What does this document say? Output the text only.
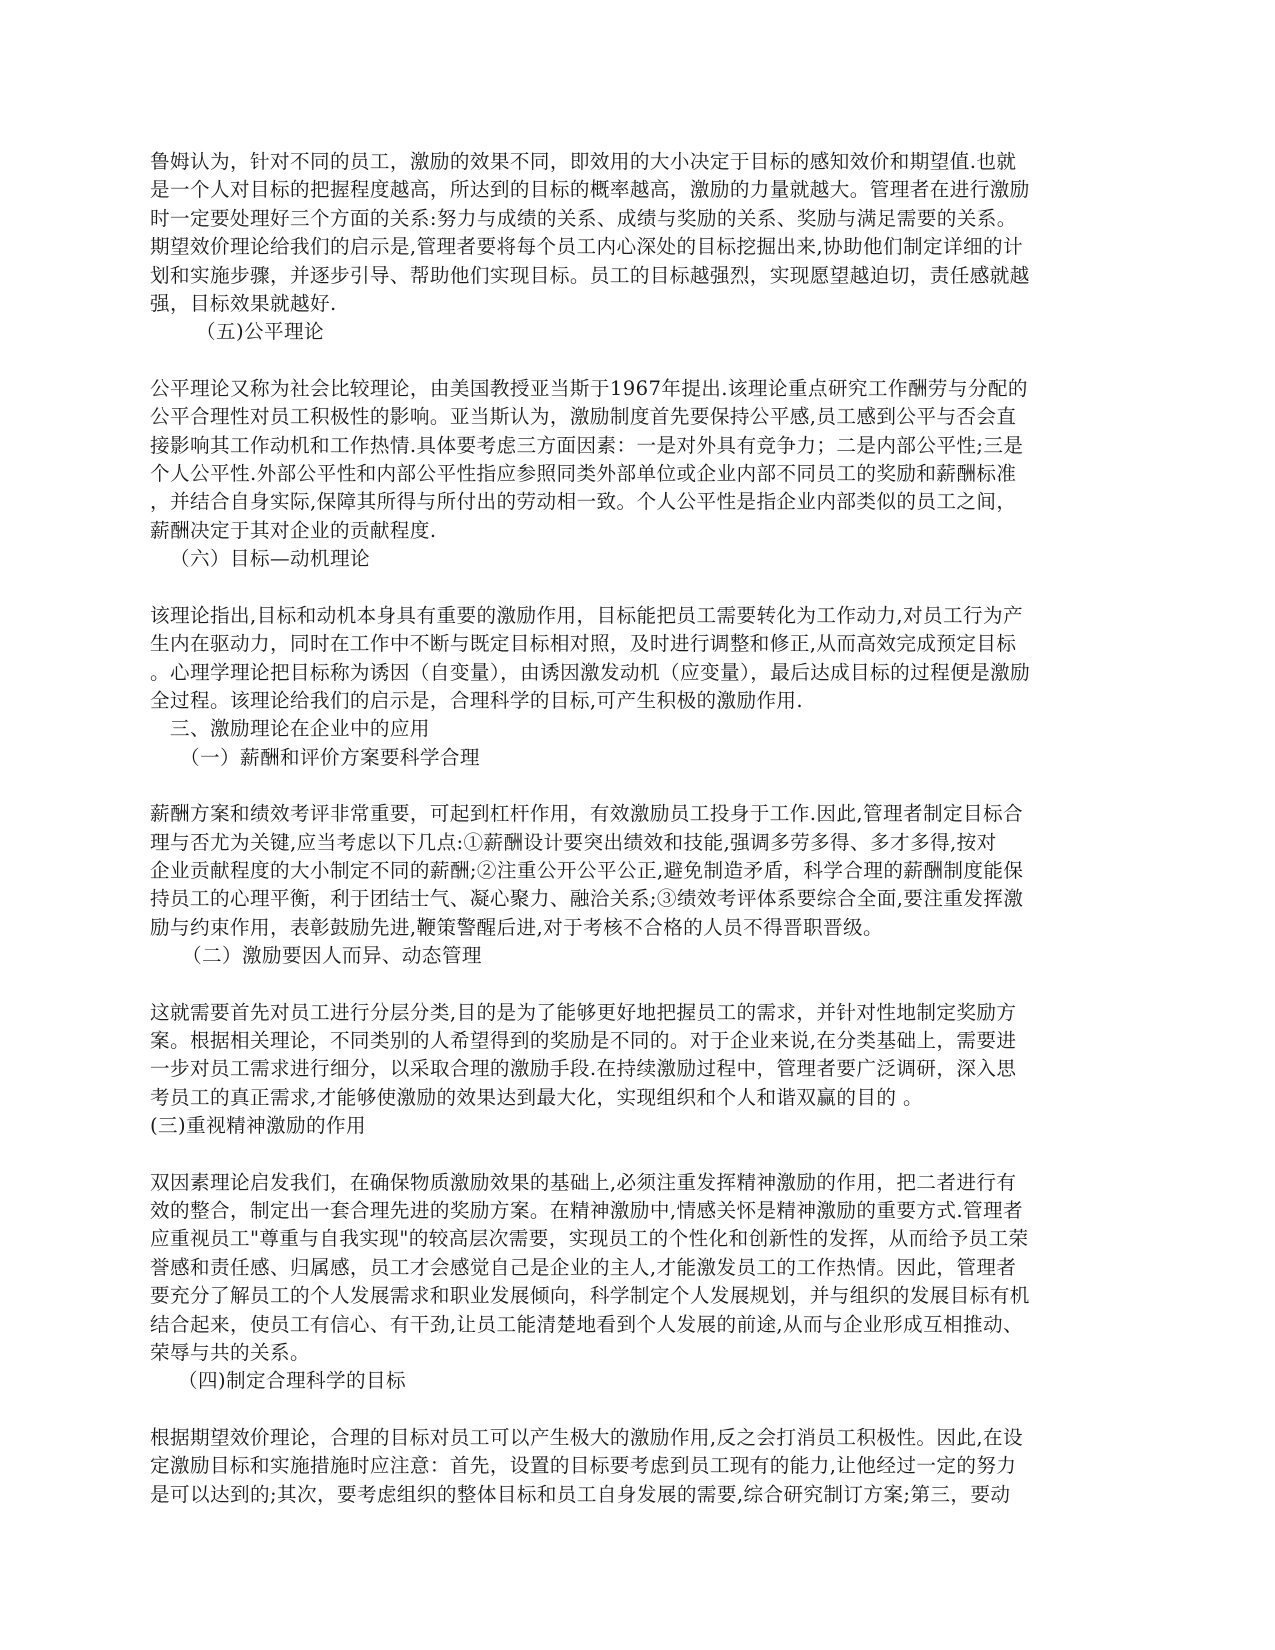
鲁姆认为，针对不同的员工，激励的效果不同，即效用的大小决定于目标的感知效价和期望值.也就
是一个人对目标的把握程度越高，所达到的目标的概率越高，激励的力量就越大。管理者在进行激励
时一定要处理好三个方面的关系:努力与成绩的关系、成绩与奖励的关系、奖励与满足需要的关系。
期望效价理论给我们的启示是,管理者要将每个员工内心深处的目标挖掘出来,协助他们制定详细的计
划和实施步骤，并逐步引导、帮助他们实现目标。员工的目标越强烈，实现愿望越迫切，责任感就越
强，目标效果就越好.
（五)公平理论
公平理论又称为社会比较理论，由美国教授亚当斯于1967年提出.该理论重点研究工作酬劳与分配的
公平合理性对员工积极性的影响。亚当斯认为，激励制度首先要保持公平感,员工感到公平与否会直
接影响其工作动机和工作热情.具体要考虑三方面因素：一是对外具有竞争力；二是内部公平性;三是
个人公平性.外部公平性和内部公平性指应参照同类外部单位或企业内部不同员工的奖励和薪酬标准
，并结合自身实际,保障其所得与所付出的劳动相一致。个人公平性是指企业内部类似的员工之间，
薪酬决定于其对企业的贡献程度.
（六）目标—动机理论
该理论指出,目标和动机本身具有重要的激励作用，目标能把员工需要转化为工作动力,对员工行为产
生内在驱动力，同时在工作中不断与既定目标相对照，及时进行调整和修正,从而高效完成预定目标
。心理学理论把目标称为诱因（自变量），由诱因激发动机（应变量），最后达成目标的过程便是激励
全过程。该理论给我们的启示是，合理科学的目标,可产生积极的激励作用.
三、激励理论在企业中的应用
（一）薪酬和评价方案要科学合理
薪酬方案和绩效考评非常重要，可起到杠杆作用，有效激励员工投身于工作.因此,管理者制定目标合
理与否尤为关键,应当考虑以下几点:①薪酬设计要突出绩效和技能,强调多劳多得、多才多得,按对
企业贡献程度的大小制定不同的薪酬;②注重公开公平公正,避免制造矛盾，科学合理的薪酬制度能保
持员工的心理平衡，利于团结士气、凝心聚力、融洽关系;③绩效考评体系要综合全面,要注重发挥激
励与约束作用，表彰鼓励先进,鞭策警醒后进,对于考核不合格的人员不得晋职晋级。
（二）激励要因人而异、动态管理
这就需要首先对员工进行分层分类,目的是为了能够更好地把握员工的需求，并针对性地制定奖励方
案。根据相关理论，不同类别的人希望得到的奖励是不同的。对于企业来说,在分类基础上，需要进
一步对员工需求进行细分，以采取合理的激励手段.在持续激励过程中，管理者要广泛调研，深入思
考员工的真正需求,才能够使激励的效果达到最大化，实现组织和个人和谐双赢的目的 。
(三)重视精神激励的作用
双因素理论启发我们，在确保物质激励效果的基础上,必须注重发挥精神激励的作用，把二者进行有
效的整合，制定出一套合理先进的奖励方案。在精神激励中,情感关怀是精神激励的重要方式.管理者
应重视员工"尊重与自我实现"的较高层次需要，实现员工的个性化和创新性的发挥，从而给予员工荣
誉感和责任感、归属感，员工才会感觉自己是企业的主人,才能激发员工的工作热情。因此，管理者
要充分了解员工的个人发展需求和职业发展倾向，科学制定个人发展规划，并与组织的发展目标有机
结合起来，使员工有信心、有干劲,让员工能清楚地看到个人发展的前途,从而与企业形成互相推动、
荣辱与共的关系。
（四)制定合理科学的目标
根据期望效价理论，合理的目标对员工可以产生极大的激励作用,反之会打消员工积极性。因此,在设
定激励目标和实施措施时应注意：首先，设置的目标要考虑到员工现有的能力,让他经过一定的努力
是可以达到的;其次，要考虑组织的整体目标和员工自身发展的需要,综合研究制订方案;第三，要动
